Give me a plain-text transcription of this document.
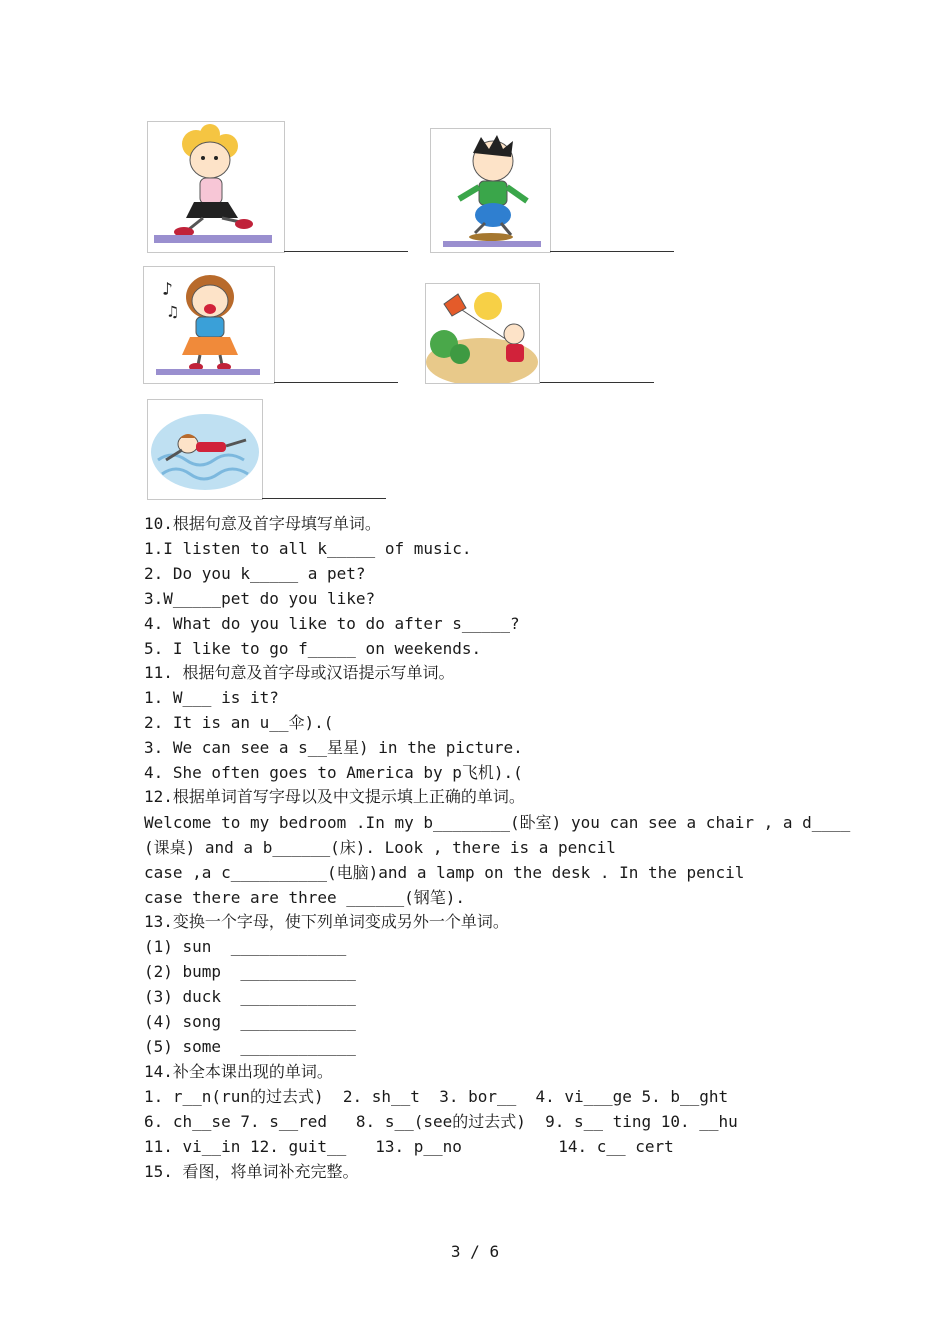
♪
♫
10.根据句意及首字母填写单词。
1.I listen to all k_____ of music.
2. Do you k_____ a pet?
3.W_____pet do you like?
4. What do you like to do after s_____?
5. I like to go f_____ on weekends.
11. 根据句意及首字母或汉语提示写单词。
1. W___ is it?
2. It is an u__伞).(
3. We can see a s__星星) in the picture.
4. She often goes to America by p飞机).(
12.根据单词首写字母以及中文提示填上正确的单词。
Welcome to my bedroom .In my b________(卧室) you can see a chair , a d____
(课桌) and a b______(床). Look , there is a pencil
case ,a c__________(电脑)and a lamp on the desk . In the pencil
case there are three ______(钢笔).
13.变换一个字母，使下列单词变成另外一个单词。
(1) sun  ____________
(2) bump  ____________
(3) duck  ____________
(4) song  ____________
(5) some  ____________
14.补全本课出现的单词。
1. r__n(run的过去式)  2. sh__t  3. bor__  4. vi___ge 5. b__ght
6. ch__se 7. s__red   8. s__(see的过去式)  9. s__ ting 10. __hu
11. vi__in 12. guit__   13. p__no          14. c__ cert
15. 看图，将单词补充完整。
3 / 6
